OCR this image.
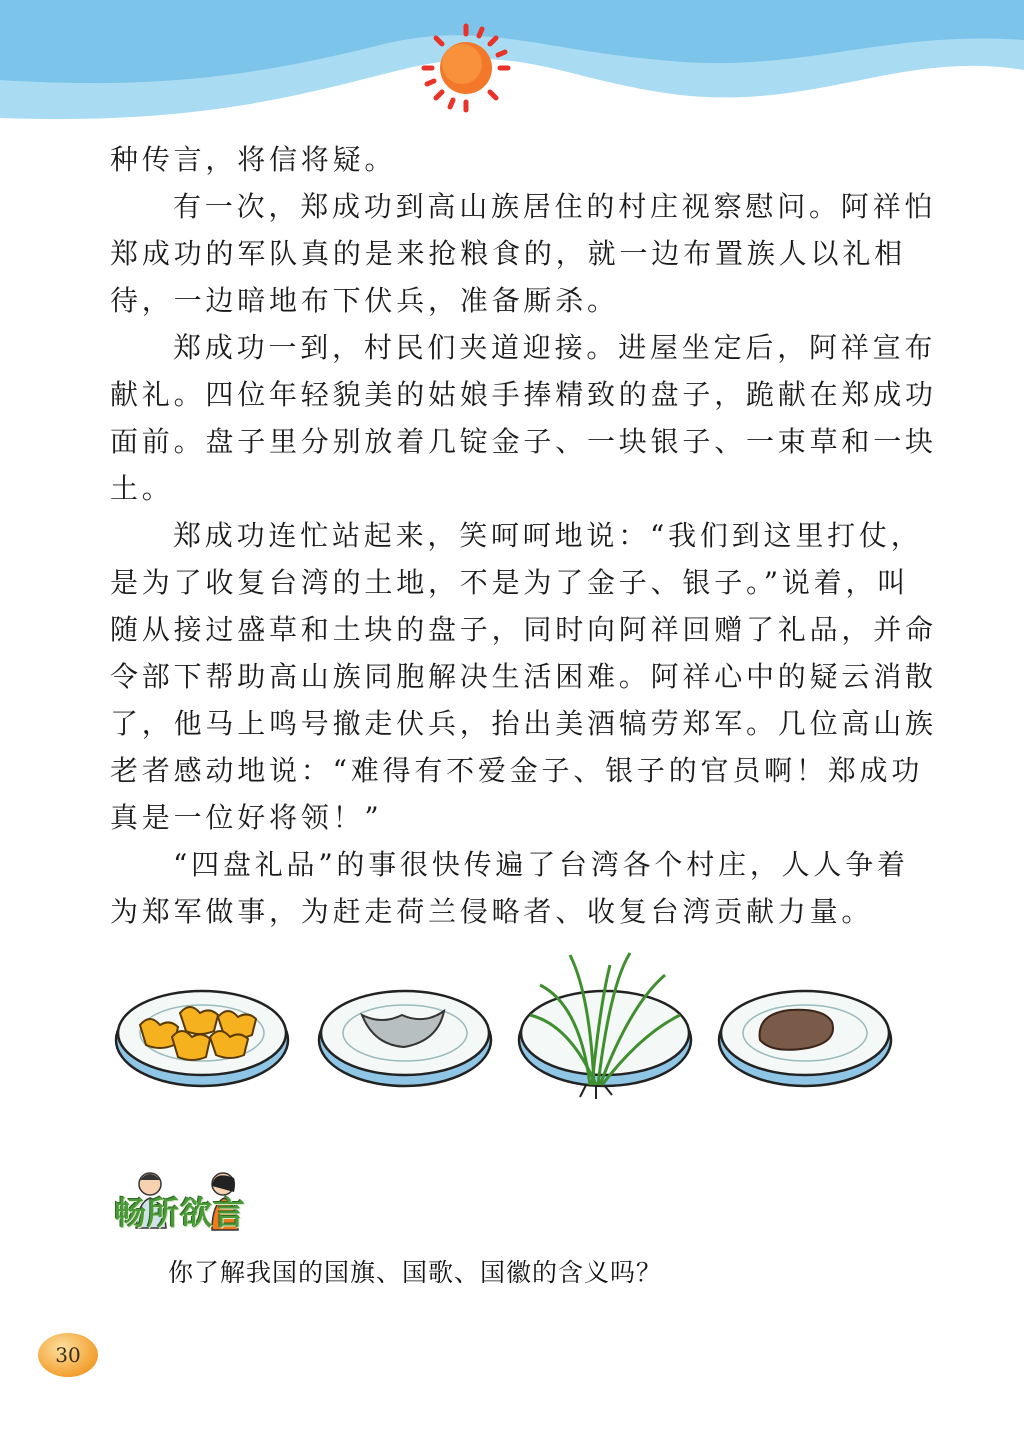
种传言，将信将疑。
有一次，郑成功到高山族居住的村庄视察慰问。阿祥怕
郑成功的军队真的是来抢粮食的，就一边布置族人以礼相
待，一边暗地布下伏兵，准备厮杀。
郑成功一到，村民们夹道迎接。进屋坐定后，阿祥宣布
献礼。四位年轻貌美的姑娘手捧精致的盘子，跪献在郑成功
面前。盘子里分别放着几锭金子、一块银子、一束草和一块
土。
郑成功连忙站起来，笑呵呵地说：“我们到这里打仗，
是为了收复台湾的土地，不是为了金子、银子。”说着，叫
随从接过盛草和土块的盘子，同时向阿祥回赠了礼品，并命
令部下帮助高山族同胞解决生活困难。阿祥心中的疑云消散
了，他马上鸣号撤走伏兵，抬出美酒犒劳郑军。几位高山族
老者感动地说：“难得有不爱金子、银子的官员啊！郑成功
真是一位好将领！”
“四盘礼品”的事很快传遍了台湾各个村庄，人人争着
为郑军做事，为赶走荷兰侵略者、收复台湾贡献力量。
畅所欲言
你了解我国的国旗、国歌、国徽的含义吗？
30
